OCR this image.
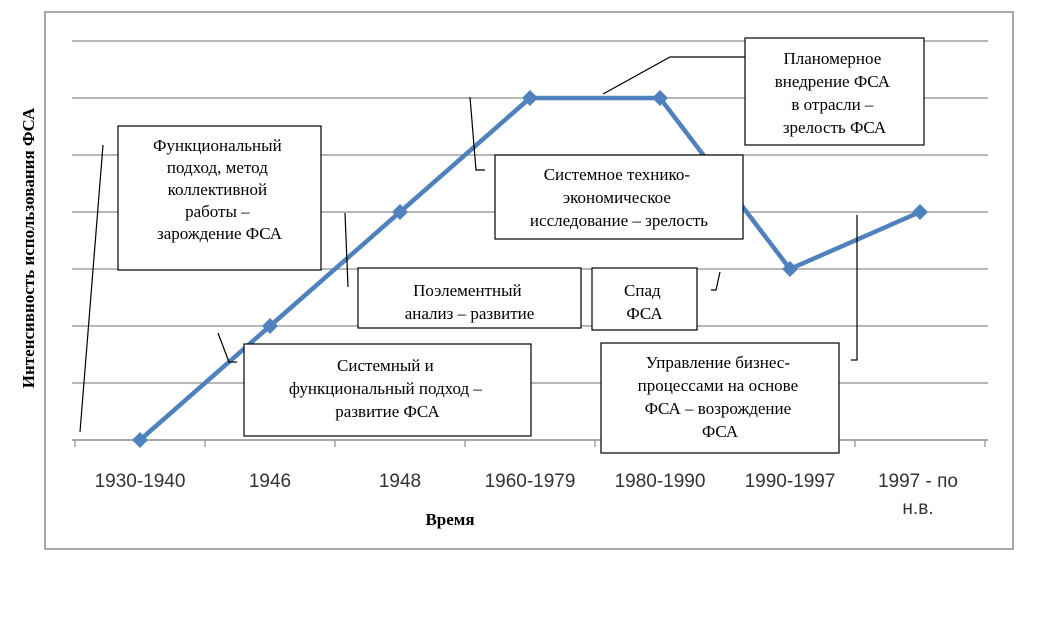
Функциональный подход, метод коллективной работы – зарождение ФСА
Поэлементный анализ – развитие
Системный и функциональный подход – развитие ФСА
Системное технико- экономическое исследование – зрелость
Планомерное внедрение ФСА в отрасли – зрелость ФСА
Спад ФСА
Управление бизнес- процессами на основе ФСА – возрождение ФСА
1930-1940	1946	1948	1960-1979 1980-1990 1990-1997 1997 - по н.в.
Время
Интенсивность использования ФСА
